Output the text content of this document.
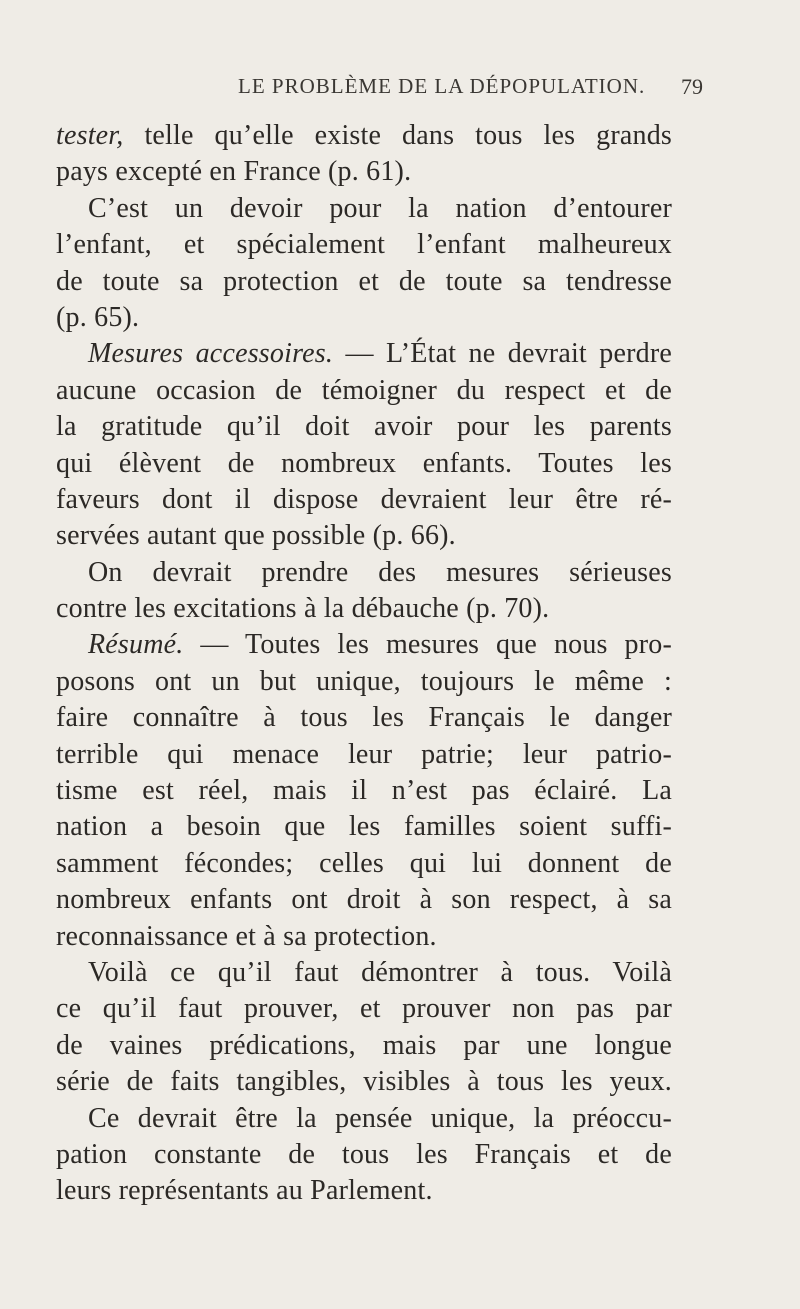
LE PROBLÈME DE LA DÉPOPULATION.	79
tester, telle qu’elle existe dans tous les grands
pays excepté en France (p. 61).
C’est un devoir pour la nation d’entourer
l’enfant, et spécialement l’enfant malheureux
de toute sa protection et de toute sa tendresse
(p. 65).
Mesures accessoires. — L’État ne devrait perdre
aucune occasion de témoigner du respect et de
la gratitude qu’il doit avoir pour les parents
qui élèvent de nombreux enfants. Toutes les
faveurs dont il dispose devraient leur être ré-
servées autant que possible (p. 66).
On devrait prendre des mesures sérieuses
contre les excitations à la débauche (p. 70).
Résumé. — Toutes les mesures que nous pro-
posons ont un but unique, toujours le même :
faire connaître à tous les Français le danger
terrible qui menace leur patrie; leur patrio-
tisme est réel, mais il n’est pas éclairé. La
nation a besoin que les familles soient suffi-
samment fécondes; celles qui lui donnent de
nombreux enfants ont droit à son respect, à sa
reconnaissance et à sa protection.
Voilà ce qu’il faut démontrer à tous. Voilà
ce qu’il faut prouver, et prouver non pas par
de vaines prédications, mais par une longue
série de faits tangibles, visibles à tous les yeux.
Ce devrait être la pensée unique, la préoccu-
pation constante de tous les Français et de
leurs représentants au Parlement.
